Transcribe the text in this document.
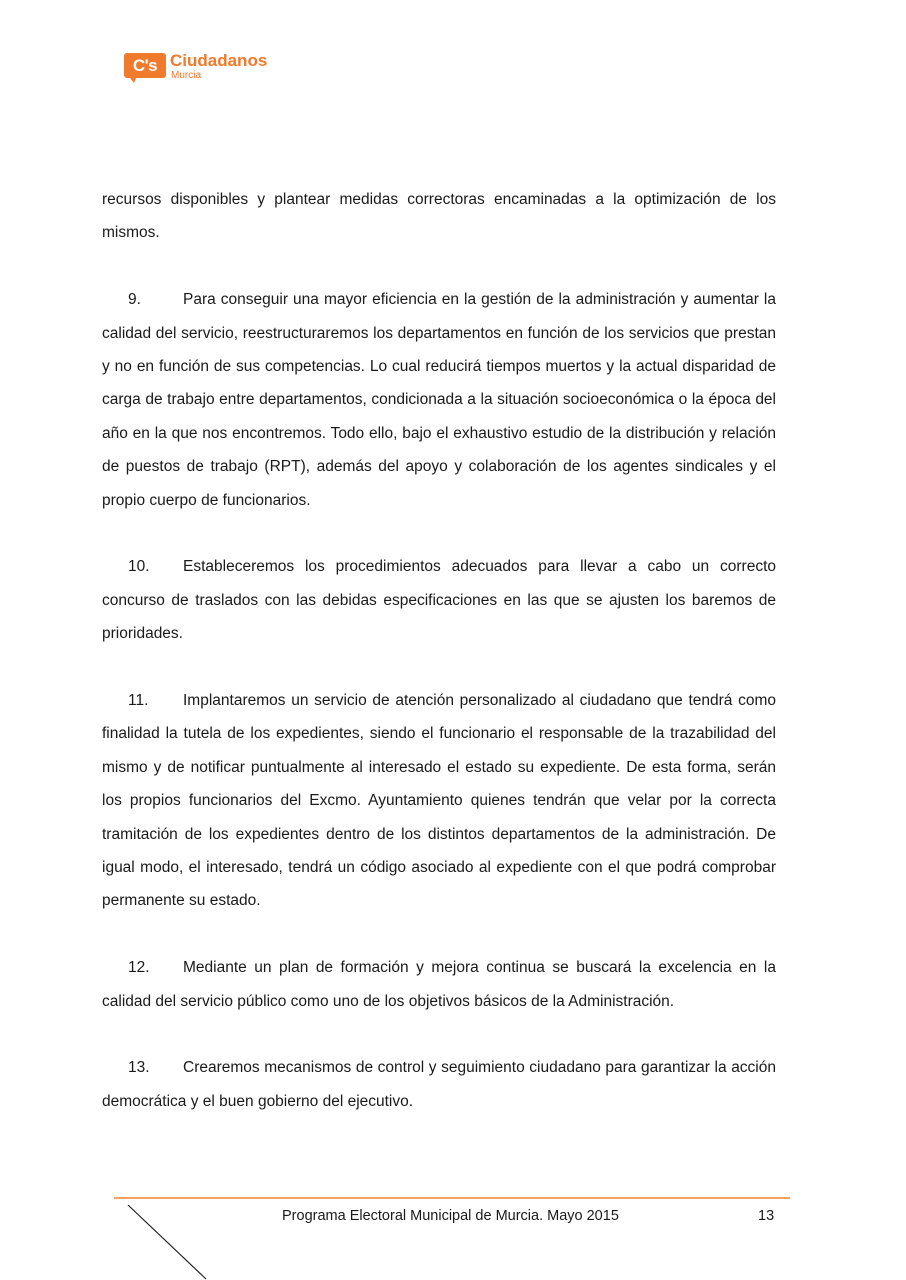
C's Ciudadanos
Murcia

recursos disponibles y plantear medidas correctoras encaminadas a la optimización de los mismos.

9.	Para conseguir una mayor eficiencia en la gestión de la administración y aumentar la calidad del servicio, reestructuraremos los departamentos en función de los servicios que prestan y no en función de sus competencias. Lo cual reducirá tiempos muertos y la actual disparidad de carga de trabajo entre departamentos, condicionada a la situación socioeconómica o la época del año en la que nos encontremos. Todo ello, bajo el exhaustivo estudio de la distribución y relación de puestos de trabajo (RPT), además del apoyo y colaboración de los agentes sindicales y el propio cuerpo de funcionarios.

10. Estableceremos los procedimientos adecuados para llevar a cabo un correcto concurso de traslados con las debidas especificaciones en las que se ajusten los baremos de prioridades.

11. Implantaremos un servicio de atención personalizado al ciudadano que tendrá como finalidad la tutela de los expedientes, siendo el funcionario el responsable de la trazabilidad del mismo y de notificar puntualmente al interesado el estado su expediente. De esta forma, serán los propios funcionarios del Excmo. Ayuntamiento quienes tendrán que velar por la correcta tramitación de los expedientes dentro de los distintos departamentos de la administración. De igual modo, el interesado, tendrá un código asociado al expediente con el que podrá comprobar permanente su estado.

12. Mediante un plan de formación y mejora continua se buscará la excelencia en la calidad del servicio público como uno de los objetivos básicos de la Administración.

13. Crearemos mecanismos de control y seguimiento ciudadano para garantizar la acción democrática y el buen gobierno del ejecutivo.

Programa Electoral Municipal de Murcia. Mayo 2015	13
